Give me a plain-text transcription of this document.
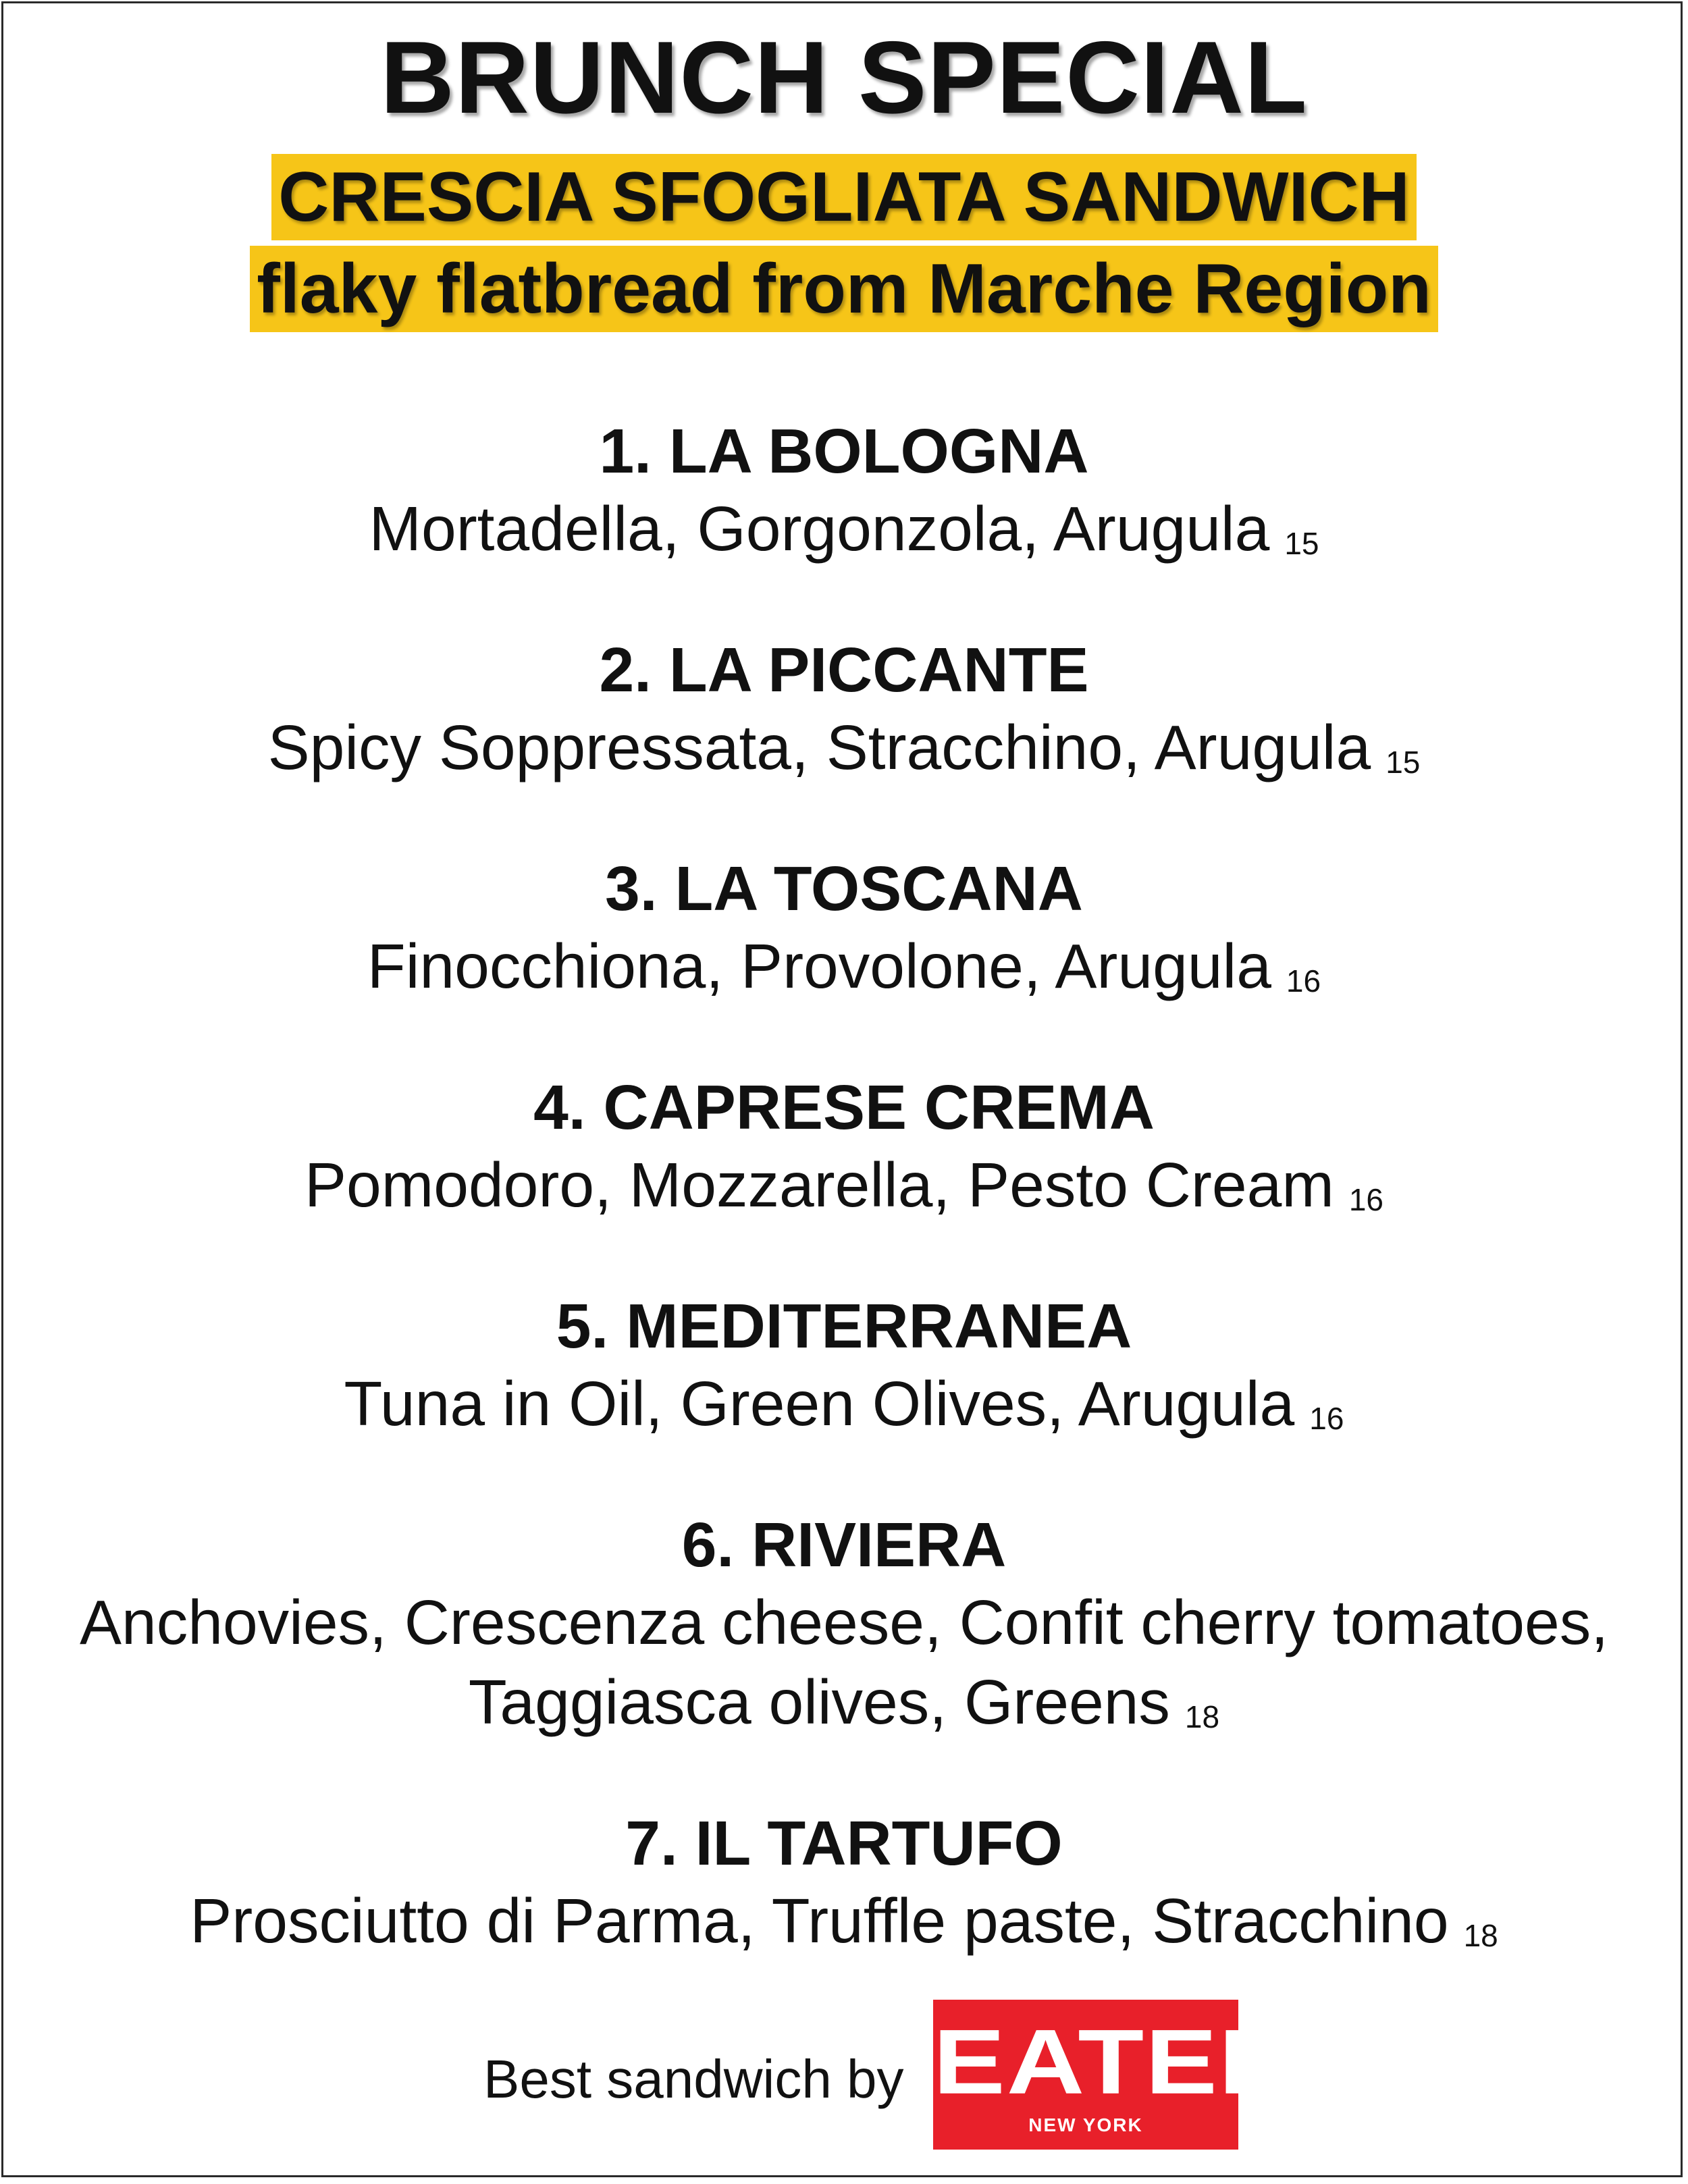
BRUNCH SPECIAL
CRESCIA SFOGLIATA SANDWICH
flaky flatbread from Marche Region
1. LA BOLOGNA
Mortadella, Gorgonzola, Arugula 15
2. LA PICCANTE
Spicy Soppressata, Stracchino, Arugula 15
3. LA TOSCANA
Finocchiona, Provolone, Arugula 16
4. CAPRESE CREMA
Pomodoro, Mozzarella, Pesto Cream 16
5. MEDITERRANEA
Tuna in Oil, Green Olives, Arugula 16
6. RIVIERA
Anchovies, Crescenza cheese, Confit cherry tomatoes,
Taggiasca olives, Greens 18
7. IL TARTUFO
Prosciutto di Parma, Truffle paste, Stracchino 18
Best sandwich by EATER
NEW YORK
